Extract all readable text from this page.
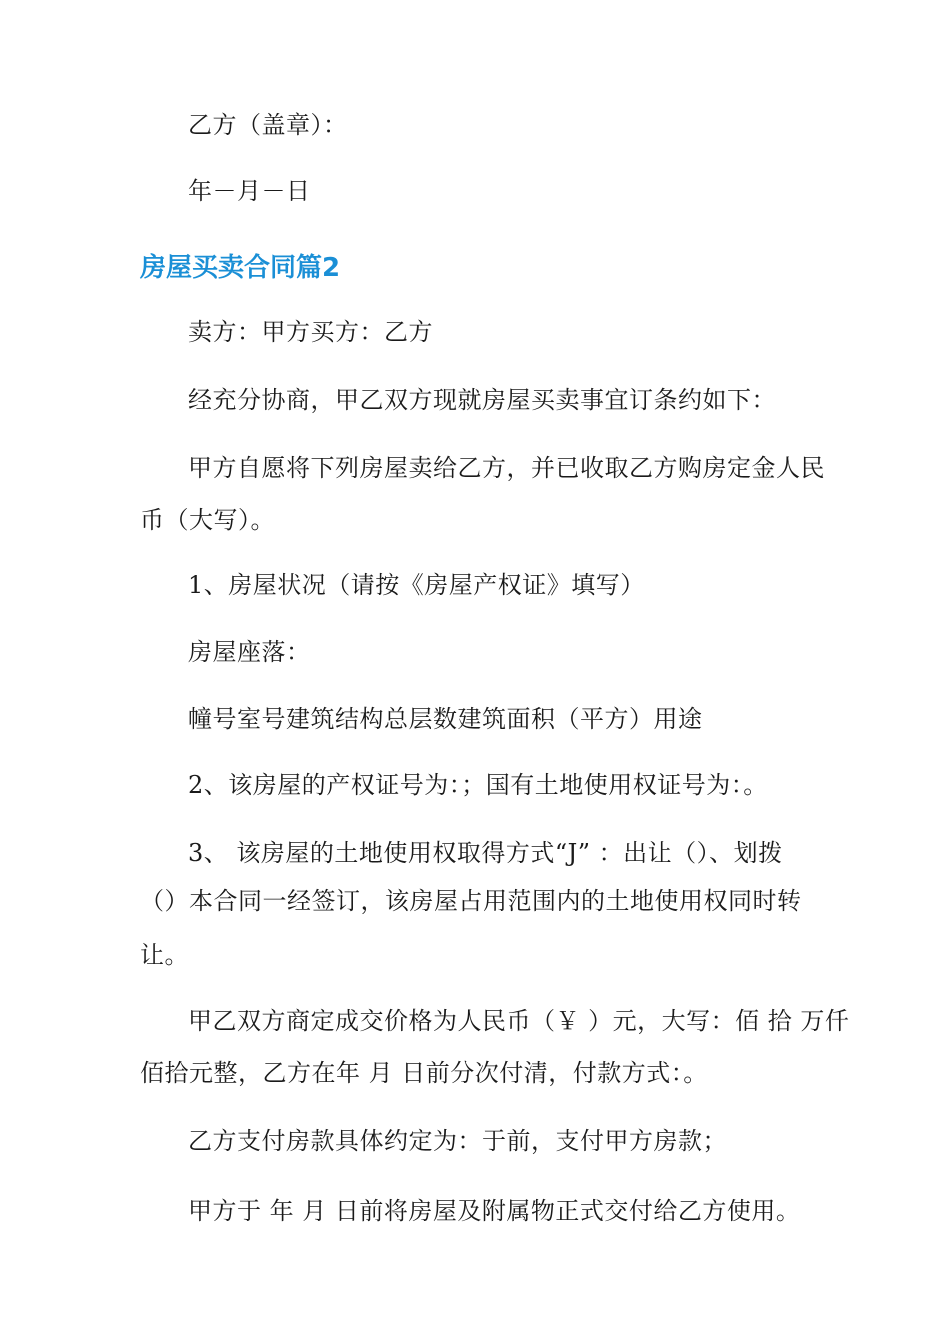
乙方（盖章）：
年－月－日
房屋买卖合同篇2
卖方：甲方买方：乙方
经充分协商，甲乙双方现就房屋买卖事宜订条约如下：
甲方自愿将下列房屋卖给乙方，并已收取乙方购房定金人民
币（大写）。
1、房屋状况（请按《房屋产权证》填写）
房屋座落：
幢号室号建筑结构总层数建筑面积（平方）用途
2、该房屋的产权证号为：；国有土地使用权证号为：。
3、 该房屋的土地使用权取得方式“J” ：出让（）、划拨
（）本合同一经签订，该房屋占用范围内的土地使用权同时转
让。
甲乙双方商定成交价格为人民币（￥ ）元，大写：佰 拾 万仟
佰拾元整，乙方在年 月 日前分次付清，付款方式：。
乙方支付房款具体约定为：于前，支付甲方房款；
甲方于 年 月 日前将房屋及附属物正式交付给乙方使用。
